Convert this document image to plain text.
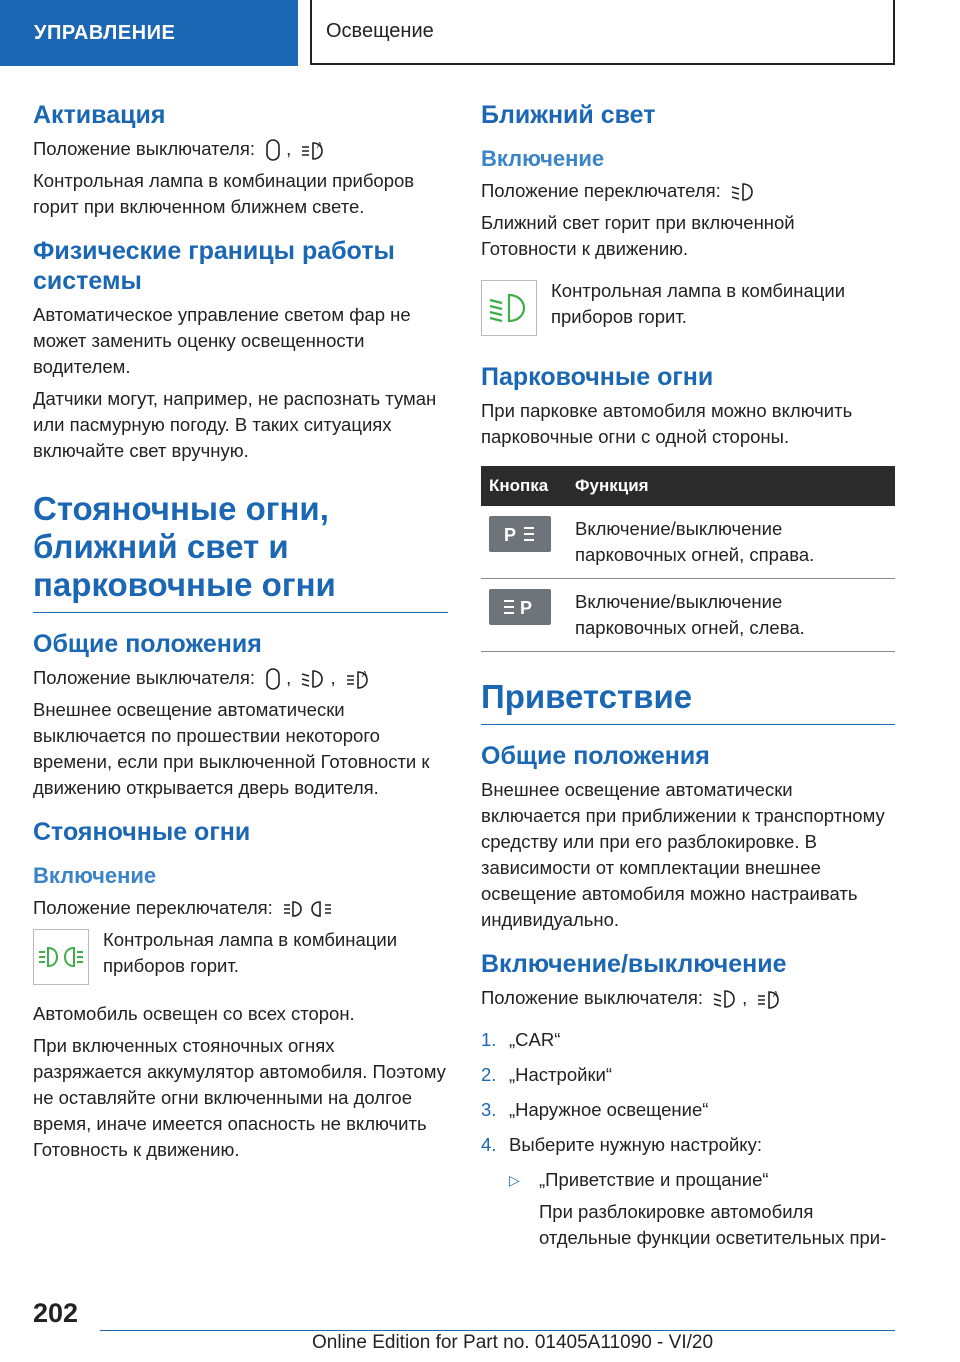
УПРАВЛЕНИЕ	Освещение
Активация

Положение выключателя: ,	A

Контрольная лампа в комбинации приборов горит при включенном ближнем свете.

Физические границы работы системы

Автоматическое управление светом фар не может заменить оценку освещенности водителем.

Датчики могут, например, не распознать туман или пасмурную погоду. В таких ситуациях включайте свет вручную.

Стояночные огни, ближний свет и парковочные огни
Общие положения

Положение выключателя: , ,	A

Внешнее освещение автоматически выключается по прошествии некоторого времени, если при выключенной Готовности к движению открывается дверь водителя.

Стояночные огни
Включение

Положение переключателя:

Контрольная лампа в комбинации приборов горит.

Автомобиль освещен со всех сторон.

При включенных стояночных огнях разряжается аккумулятор автомобиля. Поэтому не оставляйте огни включенными на долгое время, иначе имеется опасность не включить Готовность к движению.

Ближний свет
Включение

Положение переключателя:

Ближний свет горит при включенной Готовности к движению.

Контрольная лампа в комбинации приборов горит.

Парковочные огни

При парковке автомобиля можно включить парковочные огни с одной стороны.

Кнопка	Функция

P	Включение/выключение парковочных огней, справа.

P	Включение/выключение парковочных огней, слева.
Приветствие
Общие положения

Внешнее освещение автоматически включается при приближении к транспортному средству или при его разблокировке. В зависимости от комплектации внешнее освещение автомобиля можно настраивать индивидуально.

Включение/выключение

Положение выключателя: ,	A

1. „CAR“
2. „Настройки“
3. „Наружное освещение“
4. Выберите нужную настройку:
▷	„Приветствие и прощание“
При разблокировке автомобиля отдельные функции осветительных при-
202
Online Edition for Part no. 01405A11090 - VI/20
